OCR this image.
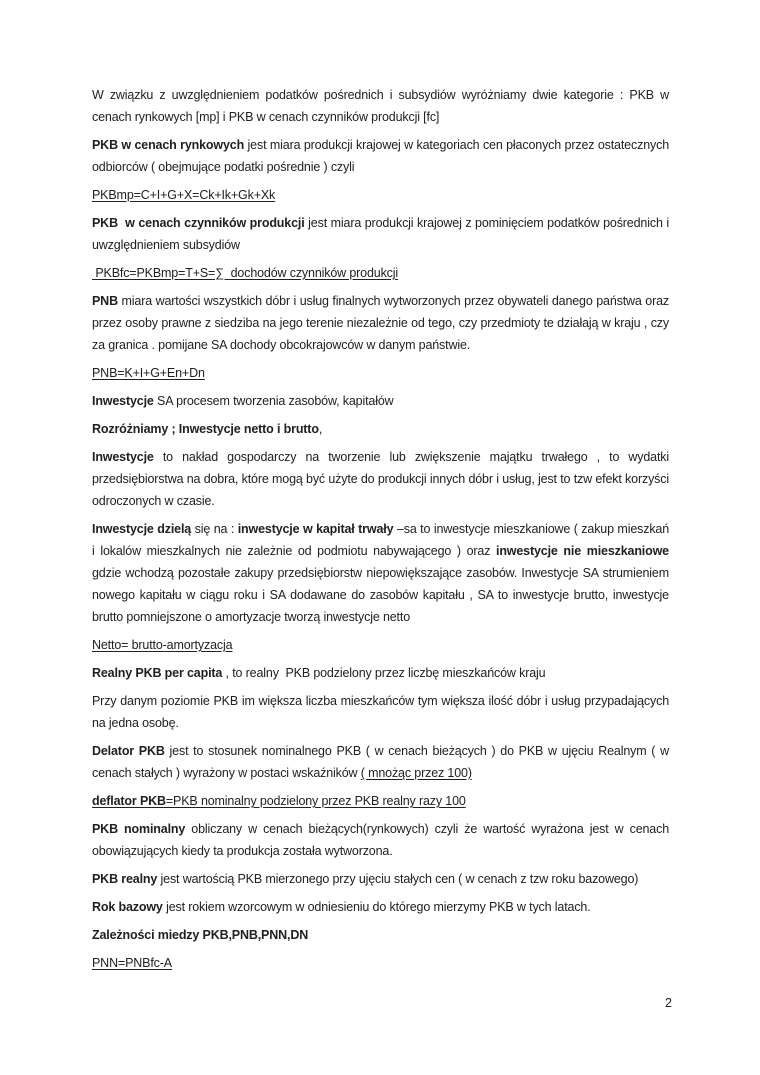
W związku z uwzględnieniem podatków pośrednich i subsydiów wyróżniamy dwie kategorie : PKB w cenach rynkowych [mp] i PKB w cenach czynników produkcji [fc]

PKB w cenach rynkowych jest miara produkcji krajowej w kategoriach cen płaconych przez ostatecznych odbiorców ( obejmujące podatki pośrednie ) czyli

PKBmp=C+I+G+X=Ck+Ik+Gk+Xk

PKB  w cenach czynników produkcji jest miara produkcji krajowej z pominięciem podatków pośrednich i uwzględnieniem subsydiów

PKBfc=PKBmp=T+S=∑  dochodów czynników produkcji

PNB miara wartości wszystkich dóbr i usług finalnych wytworzonych przez obywateli danego państwa oraz przez osoby prawne z siedziba na jego terenie niezależnie od tego, czy przedmioty te działają w kraju , czy za granica . pomijane SA dochody obcokrajowców w danym państwie.

PNB=K+I+G+En+Dn

Inwestycje SA procesem tworzenia zasobów, kapitałów

Rozróżniamy ; Inwestycje netto i brutto,

Inwestycje to nakład gospodarczy na tworzenie lub zwiększenie majątku trwałego , to wydatki przedsiębiorstwa na dobra, które mogą być użyte do produkcji innych dóbr i usług, jest to tzw efekt korzyści odroczonych w czasie.

Inwestycje dzielą się na : inwestycje w kapitał trwały –sa to inwestycje mieszkaniowe ( zakup mieszkań i lokalów mieszkalnych nie zależnie od podmiotu nabywającego ) oraz inwestycje nie mieszkaniowe gdzie wchodzą pozostałe zakupy przedsiębiorstw niepowiększające zasobów. Inwestycje SA strumieniem nowego kapitału w ciągu roku i SA dodawane do zasobów kapitału , SA to inwestycje brutto, inwestycje brutto pomniejszone o amortyzacje tworzą inwestycje netto

Netto= brutto-amortyzacja

Realny PKB per capita , to realny  PKB podzielony przez liczbę mieszkańców kraju

Przy danym poziomie PKB im większa liczba mieszkańców tym większa ilość dóbr i usług przypadających na jedna osobę.

Delator PKB jest to stosunek nominalnego PKB ( w cenach bieżących ) do PKB w ujęciu Realnym ( w cenach stałych ) wyrażony w postaci wskaźników ( mnożąc przez 100)

deflator PKB=PKB nominalny podzielony przez PKB realny razy 100

PKB nominalny obliczany w cenach bieżących(rynkowych) czyli że wartość wyrażona jest w cenach obowiązujących kiedy ta produkcja została wytworzona.

PKB realny jest wartością PKB mierzonego przy ujęciu stałych cen ( w cenach z tzw roku bazowego)

Rok bazowy jest rokiem wzorcowym w odniesieniu do którego mierzymy PKB w tych latach.

Zależności miedzy PKB,PNB,PNN,DN

PNN=PNBfc-A

2
